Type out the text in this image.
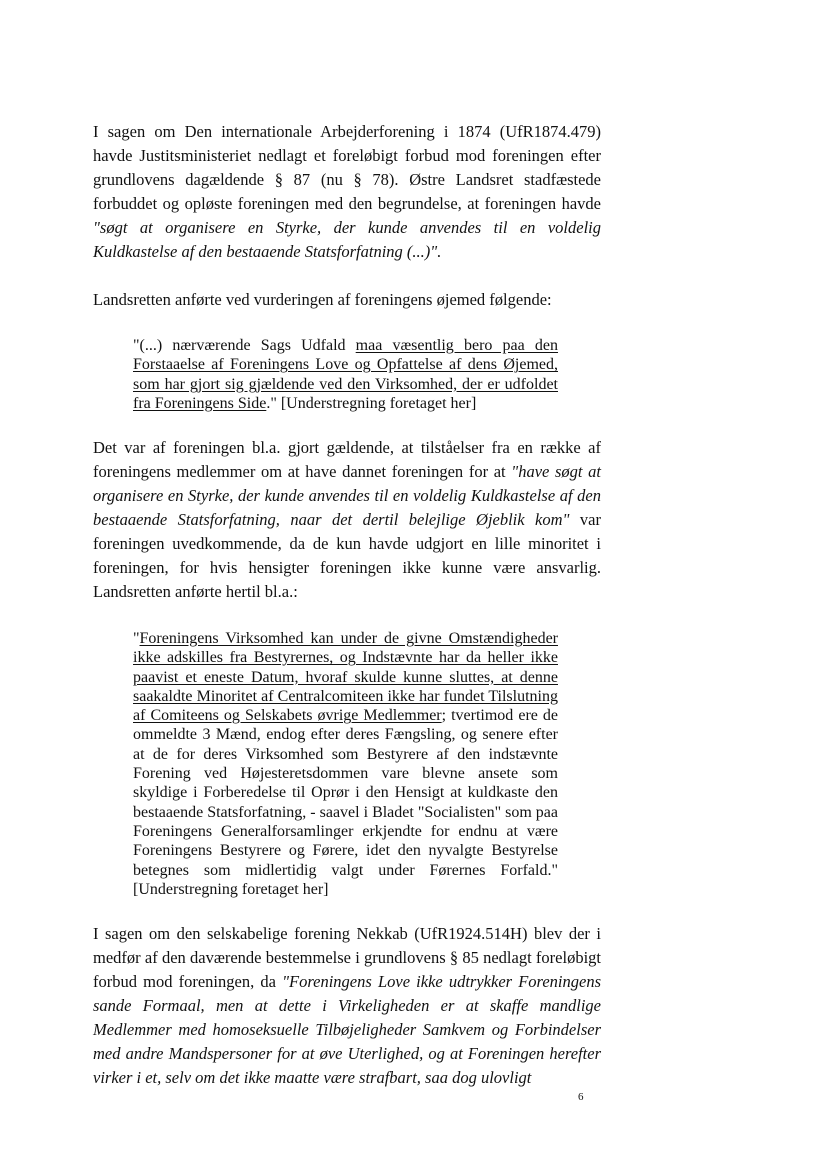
I sagen om Den internationale Arbejderforening i 1874 (UfR1874.479) havde Justitsministeriet nedlagt et foreløbigt forbud mod foreningen efter grundlovens dagældende § 87 (nu § 78). Østre Landsret stadfæstede forbuddet og opløste foreningen med den begrundelse, at foreningen havde "søgt at organisere en Styrke, der kunde anvendes til en voldelig Kuldkastelse af den bestaaende Statsforfatning (...)".

Landsretten anførte ved vurderingen af foreningens øjemed følgende:

"(...) nærværende Sags Udfald maa væsentlig bero paa den Forstaaelse af Foreningens Love og Opfattelse af dens Øjemed, som har gjort sig gjældende ved den Virksomhed, der er udfoldet fra Foreningens Side." [Understregning foretaget her]

Det var af foreningen bl.a. gjort gældende, at tilståelser fra en række af foreningens medlemmer om at have dannet foreningen for at "have søgt at organisere en Styrke, der kunde anvendes til en voldelig Kuldkastelse af den bestaaende Statsforfatning, naar det dertil belejlige Øjeblik kom" var foreningen uvedkommende, da de kun havde udgjort en lille minoritet i foreningen, for hvis hensigter foreningen ikke kunne være ansvarlig. Landsretten anførte hertil bl.a.:

"Foreningens Virksomhed kan under de givne Omstændigheder ikke adskilles fra Bestyrernes, og Indstævnte har da heller ikke paavist et eneste Datum, hvoraf skulde kunne sluttes, at denne saakaldte Minoritet af Centralcomiteen ikke har fundet Tilslutning af Comiteens og Selskabets øvrige Medlemmer; tvertimod ere de ommeldte 3 Mænd, endog efter deres Fængsling, og senere efter at de for deres Virksomhed som Bestyrere af den indstævnte Forening ved Højesteretsdommen vare blevne ansete som skyldige i Forberedelse til Oprør i den Hensigt at kuldkaste den bestaaende Statsforfatning, - saavel i Bladet "Socialisten" som paa Foreningens Generalforsamlinger erkjendte for endnu at være Foreningens Bestyrere og Førere, idet den nyvalgte Bestyrelse betegnes som midlertidig valgt under Førernes Forfald." [Understregning foretaget her]

I sagen om den selskabelige forening Nekkab (UfR1924.514H) blev der i medfør af den daværende bestemmelse i grundlovens § 85 nedlagt foreløbigt forbud mod foreningen, da "Foreningens Love ikke udtrykker Foreningens sande Formaal, men at dette i Virkeligheden er at skaffe mandlige Medlemmer med homoseksuelle Tilbøjeligheder Samkvem og Forbindelser med andre Mandspersoner for at øve Uterlighed, og at Foreningen herefter virker i et, selv om det ikke maatte være strafbart, saa dog ulovligt

6
